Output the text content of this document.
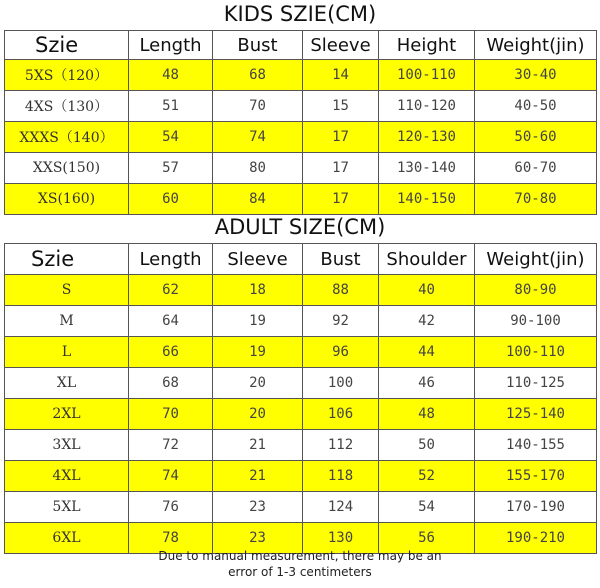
KIDS SZIE(CM)
Szie	Length	Bust	Sleeve	Height	Weight(jin)
5XS（120）	48	68	14	100-110	30-40
4XS（130）	51	70	15	110-120	40-50
XXXS（140）	54	74	17	120-130	50-60
XXS(150)	57	80	17	130-140	60-70
XS(160)	60	84	17	140-150	70-80
ADULT SIZE(CM)
Szie	Length	Sleeve	Bust	Shoulder	Weight(jin)
S	62	18	88	40	80-90
M	64	19	92	42	90-100
L	66	19	96	44	100-110
XL	68	20	100	46	110-125
2XL	70	20	106	48	125-140
3XL	72	21	112	50	140-155
4XL	74	21	118	52	155-170
5XL	76	23	124	54	170-190
6XL	78	23	130	56	190-210
Due to manual measurement, there may be an
error of 1-3 centimeters
